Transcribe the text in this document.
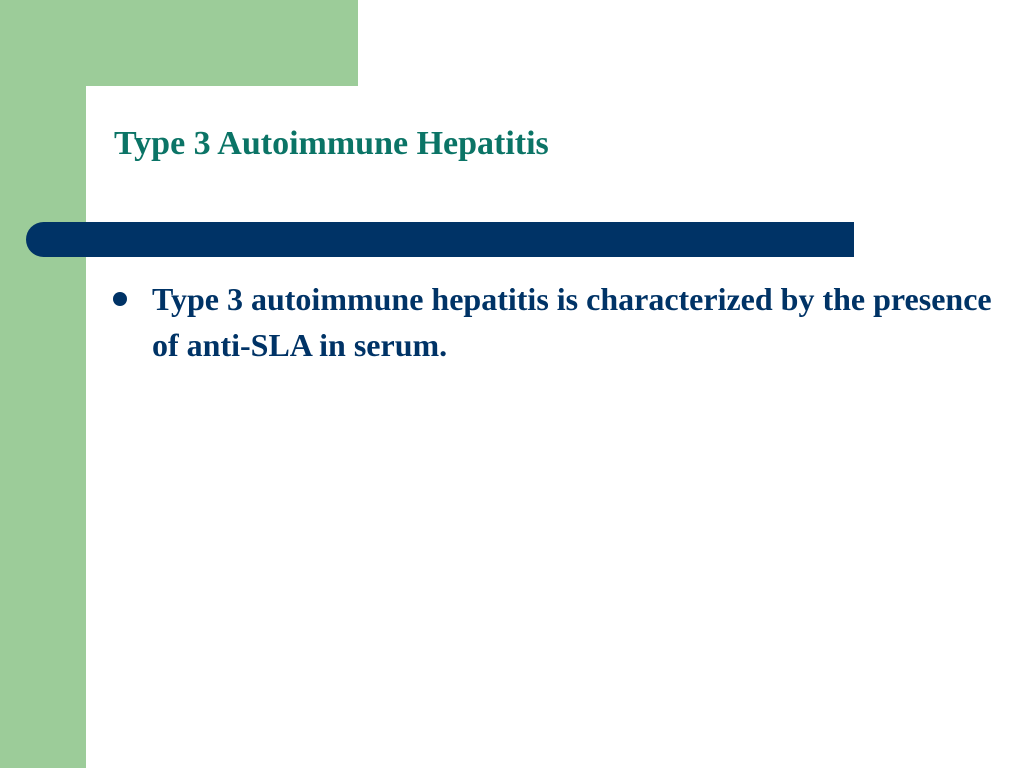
Type 3 Autoimmune Hepatitis
Type 3 autoimmune hepatitis is characterized by the presence of anti-SLA in serum.
